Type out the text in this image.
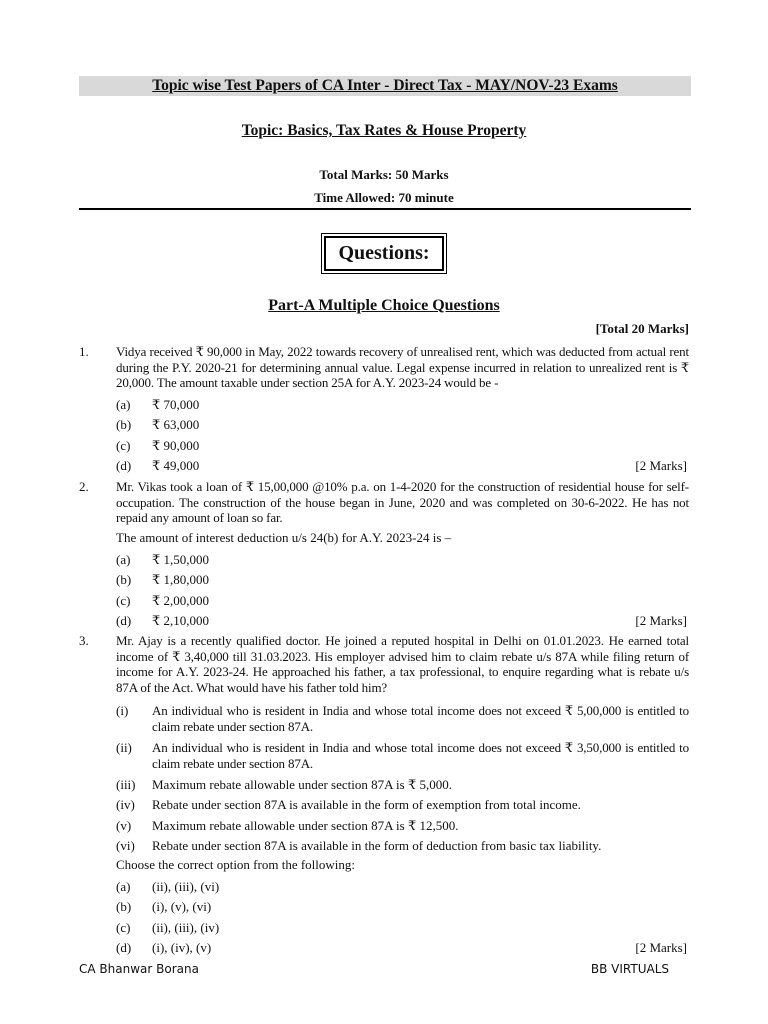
Topic wise Test Papers of CA Inter - Direct Tax - MAY/NOV-23 Exams
Topic: Basics, Tax Rates & House Property
Total Marks: 50 Marks
Time Allowed: 70 minute
Questions:
Part-A Multiple Choice Questions
[Total 20 Marks]
1. Vidya received ₹ 90,000 in May, 2022 towards recovery of unrealised rent, which was deducted from actual rent during the P.Y. 2020-21 for determining annual value. Legal expense incurred in relation to unrealized rent is ₹ 20,000. The amount taxable under section 25A for A.Y. 2023-24 would be -
(a) ₹ 70,000
(b) ₹ 63,000
(c) ₹ 90,000
(d) ₹ 49,000	[2 Marks]
2. Mr. Vikas took a loan of ₹ 15,00,000 @10% p.a. on 1-4-2020 for the construction of residential house for self-occupation. The construction of the house began in June, 2020 and was completed on 30-6-2022. He has not repaid any amount of loan so far.
The amount of interest deduction u/s 24(b) for A.Y. 2023-24 is –
(a) ₹ 1,50,000
(b) ₹ 1,80,000
(c) ₹ 2,00,000
(d) ₹ 2,10,000	[2 Marks]
3. Mr. Ajay is a recently qualified doctor. He joined a reputed hospital in Delhi on 01.01.2023. He earned total income of ₹ 3,40,000 till 31.03.2023. His employer advised him to claim rebate u/s 87A while filing return of income for A.Y. 2023-24. He approached his father, a tax professional, to enquire regarding what is rebate u/s 87A of the Act. What would have his father told him?
(i) An individual who is resident in India and whose total income does not exceed ₹ 5,00,000 is entitled to claim rebate under section 87A.
(ii) An individual who is resident in India and whose total income does not exceed ₹ 3,50,000 is entitled to claim rebate under section 87A.
(iii) Maximum rebate allowable under section 87A is ₹ 5,000.
(iv) Rebate under section 87A is available in the form of exemption from total income.
(v) Maximum rebate allowable under section 87A is ₹ 12,500.
(vi) Rebate under section 87A is available in the form of deduction from basic tax liability.
Choose the correct option from the following:
(a) (ii), (iii), (vi)
(b) (i), (v), (vi)
(c) (ii), (iii), (iv)
(d) (i), (iv), (v)	[2 Marks]
CA Bhanwar Borana	BB VIRTUALS
